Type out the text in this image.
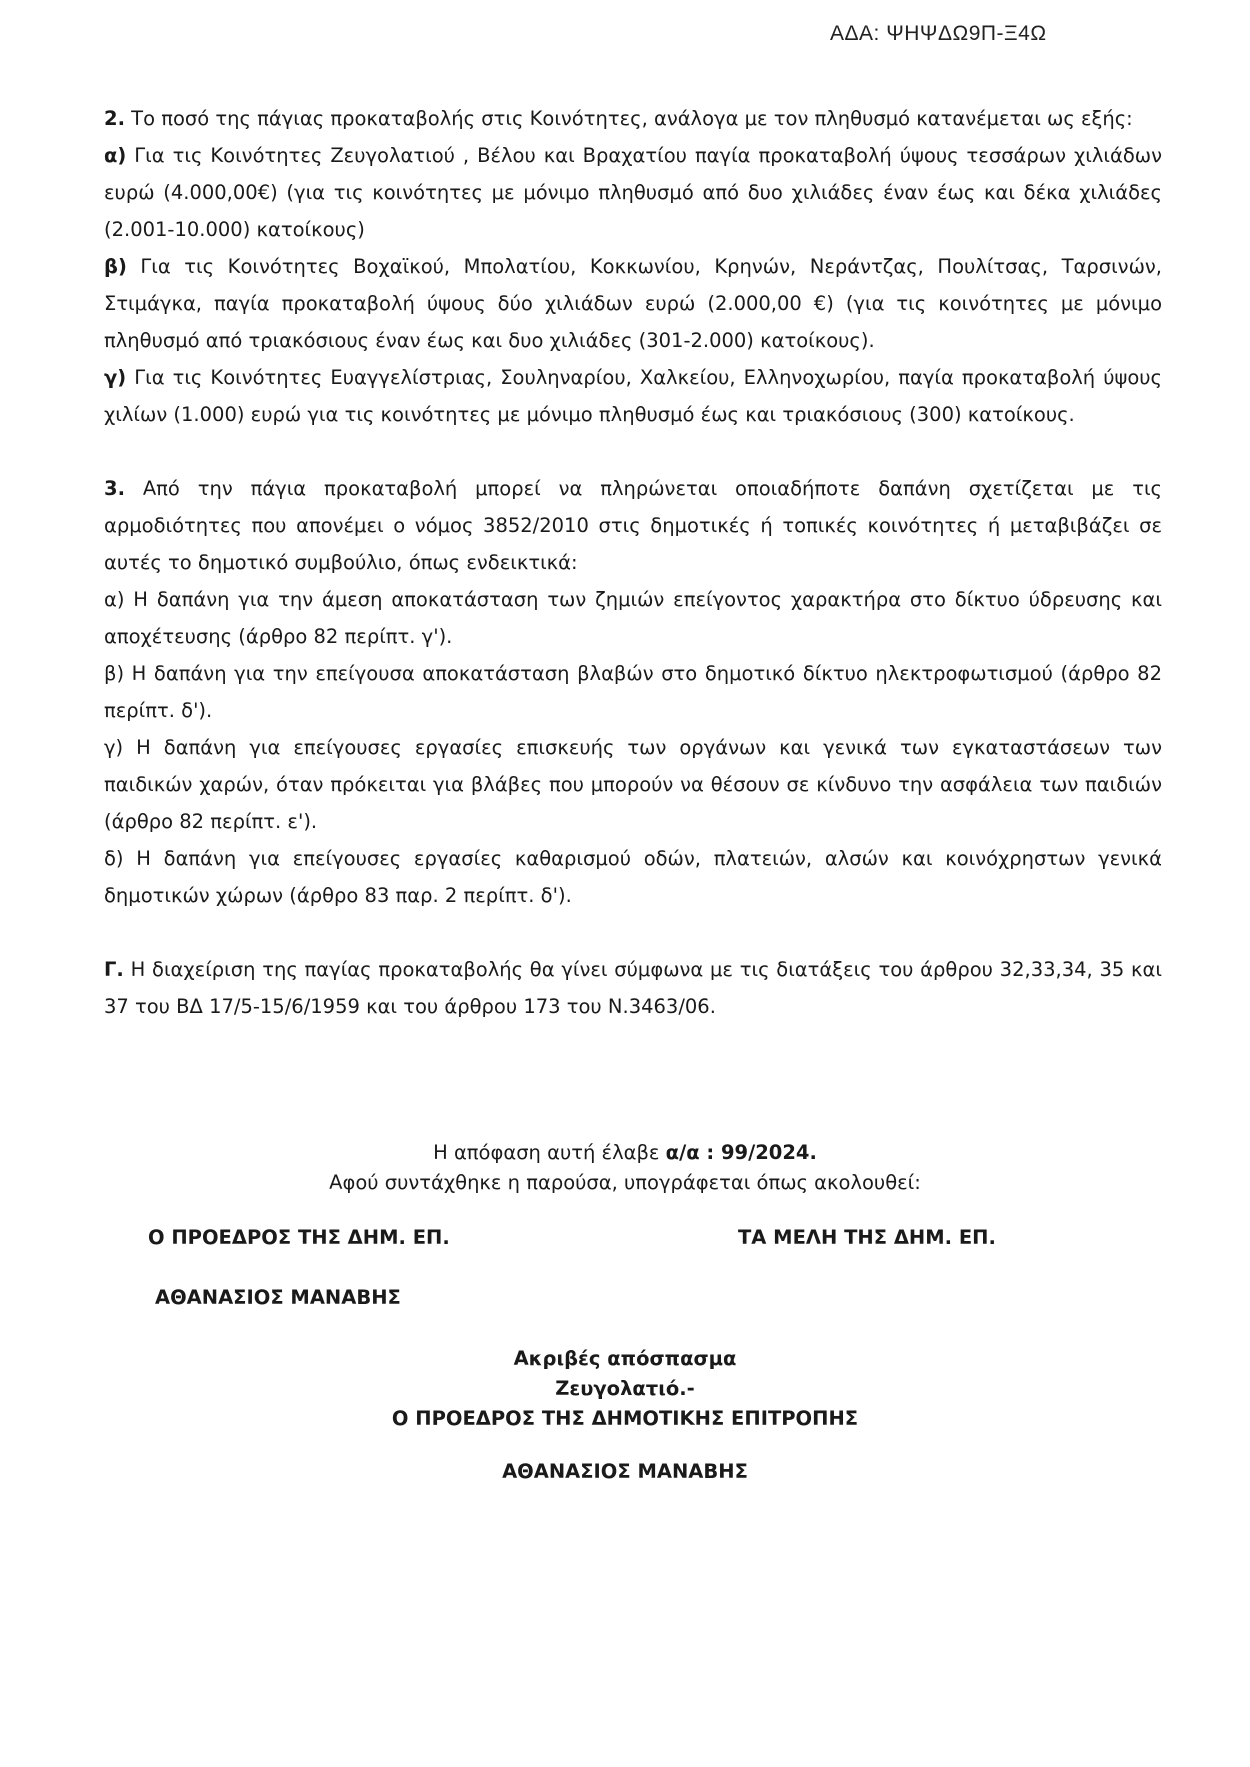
ΑΔΑ: ΨΗΨΔΩ9Π-Ξ4Ω

2. Το ποσό της πάγιας προκαταβολής στις Κοινότητες, ανάλογα με τον πληθυσμό κατανέμεται ως εξής:

α) Για τις Κοινότητες Ζευγολατιού , Βέλου και Βραχατίου παγία προκαταβολή ύψους τεσσάρων χιλιάδων ευρώ (4.000,00€) (για τις κοινότητες με μόνιμο πληθυσμό από δυο χιλιάδες έναν έως και δέκα χιλιάδες (2.001-10.000) κατοίκους)

β) Για τις Κοινότητες Βοχαϊκού, Μπολατίου, Κοκκωνίου, Κρηνών, Νεράντζας, Πουλίτσας, Ταρσινών, Στιμάγκα, παγία προκαταβολή ύψους δύο χιλιάδων ευρώ (2.000,00 €) (για τις κοινότητες με μόνιμο πληθυσμό από τριακόσιους έναν έως και δυο χιλιάδες (301-2.000) κατοίκους).

γ) Για τις Κοινότητες Ευαγγελίστριας, Σουληναρίου, Χαλκείου, Ελληνοχωρίου, παγία προκαταβολή ύψους χιλίων (1.000) ευρώ για τις κοινότητες με μόνιμο πληθυσμό έως και τριακόσιους (300) κατοίκους.

3. Από την πάγια προκαταβολή μπορεί να πληρώνεται οποιαδήποτε δαπάνη σχετίζεται με τις αρμοδιότητες που απονέμει ο νόμος 3852/2010 στις δημοτικές ή τοπικές κοινότητες ή μεταβιβάζει σε αυτές το δημοτικό συμβούλιο, όπως ενδεικτικά:

α) Η δαπάνη για την άμεση αποκατάσταση των ζημιών επείγοντος χαρακτήρα στο δίκτυο ύδρευσης και αποχέτευσης (άρθρο 82 περίπτ. γ').

β) Η δαπάνη για την επείγουσα αποκατάσταση βλαβών στο δημοτικό δίκτυο ηλεκτροφωτισμού (άρθρο 82 περίπτ. δ').

γ) Η δαπάνη για επείγουσες εργασίες επισκευής των οργάνων και γενικά των εγκαταστάσεων των παιδικών χαρών, όταν πρόκειται για βλάβες που μπορούν να θέσουν σε κίνδυνο την ασφάλεια των παιδιών (άρθρο 82 περίπτ. ε').

δ) Η δαπάνη για επείγουσες εργασίες καθαρισμού οδών, πλατειών, αλσών και κοινόχρηστων γενικά δημοτικών χώρων (άρθρο 83 παρ. 2 περίπτ. δ').

Γ. Η διαχείριση της παγίας προκαταβολής θα γίνει σύμφωνα με τις διατάξεις του άρθρου 32,33,34, 35 και 37 του ΒΔ 17/5-15/6/1959 και του άρθρου 173 του Ν.3463/06.

Η απόφαση αυτή έλαβε α/α : 99/2024.
Αφού συντάχθηκε η παρούσα, υπογράφεται όπως ακολουθεί:
Ο ΠΡΟΕΔΡΟΣ ΤΗΣ ΔΗΜ. ΕΠ.	ΤΑ ΜΕΛΗ ΤΗΣ ΔΗΜ. ΕΠ.
ΑΘΑΝΑΣΙΟΣ ΜΑΝΑΒΗΣ
Ακριβές απόσπασμα
Ζευγολατιό.-
Ο ΠΡΟΕΔΡΟΣ ΤΗΣ ΔΗΜΟΤΙΚΗΣ ΕΠΙΤΡΟΠΗΣ
ΑΘΑΝΑΣΙΟΣ ΜΑΝΑΒΗΣ
